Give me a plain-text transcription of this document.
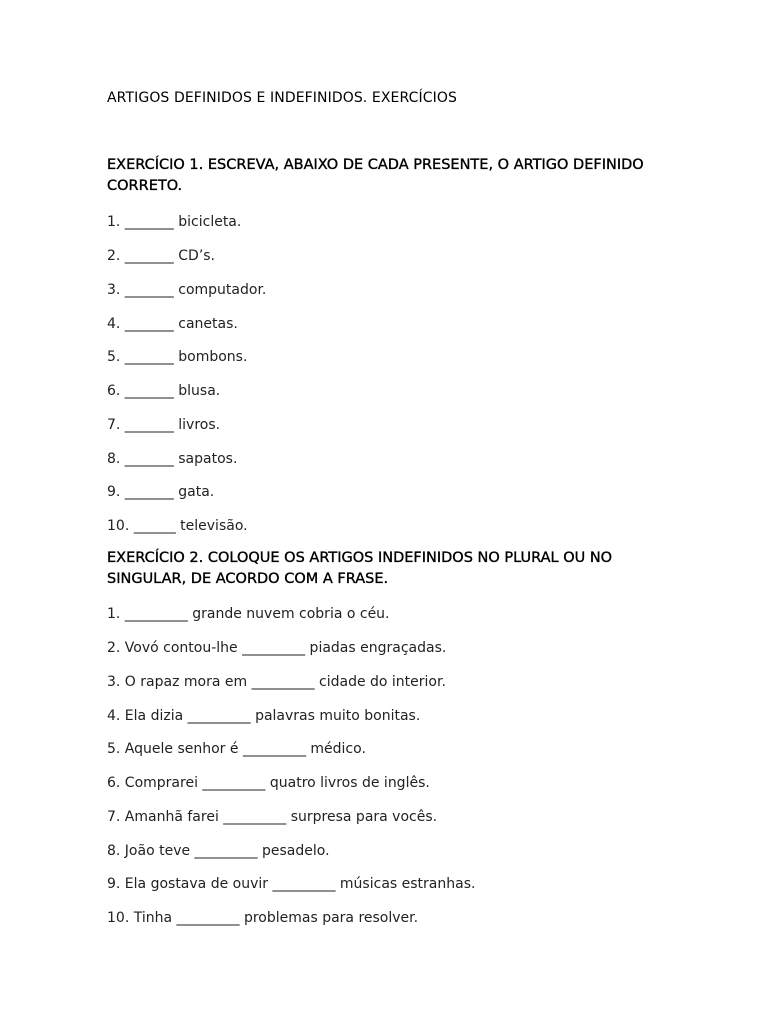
ARTIGOS DEFINIDOS E INDEFINIDOS. EXERCÍCIOS
EXERCÍCIO 1. ESCREVA, ABAIXO DE CADA PRESENTE, O ARTIGO DEFINIDO CORRETO.

1. _______ bicicleta.

2. _______ CD’s.

3. _______ computador.

4. _______ canetas.

5. _______ bombons.

6. _______ blusa.

7. _______ livros.

8. _______ sapatos.

9. _______ gata.

10. ______ televisão.

EXERCÍCIO 2. COLOQUE OS ARTIGOS INDEFINIDOS NO PLURAL OU NO SINGULAR, DE ACORDO COM A FRASE.

1. _________ grande nuvem cobria o céu.

2. Vovó contou-lhe _________ piadas engraçadas.

3. O rapaz mora em _________ cidade do interior.

4. Ela dizia _________ palavras muito bonitas.

5. Aquele senhor é _________ médico.

6. Comprarei _________ quatro livros de inglês.

7. Amanhã farei _________ surpresa para vocês.

8. João teve _________ pesadelo.

9. Ela gostava de ouvir _________ músicas estranhas.

10. Tinha _________ problemas para resolver.
